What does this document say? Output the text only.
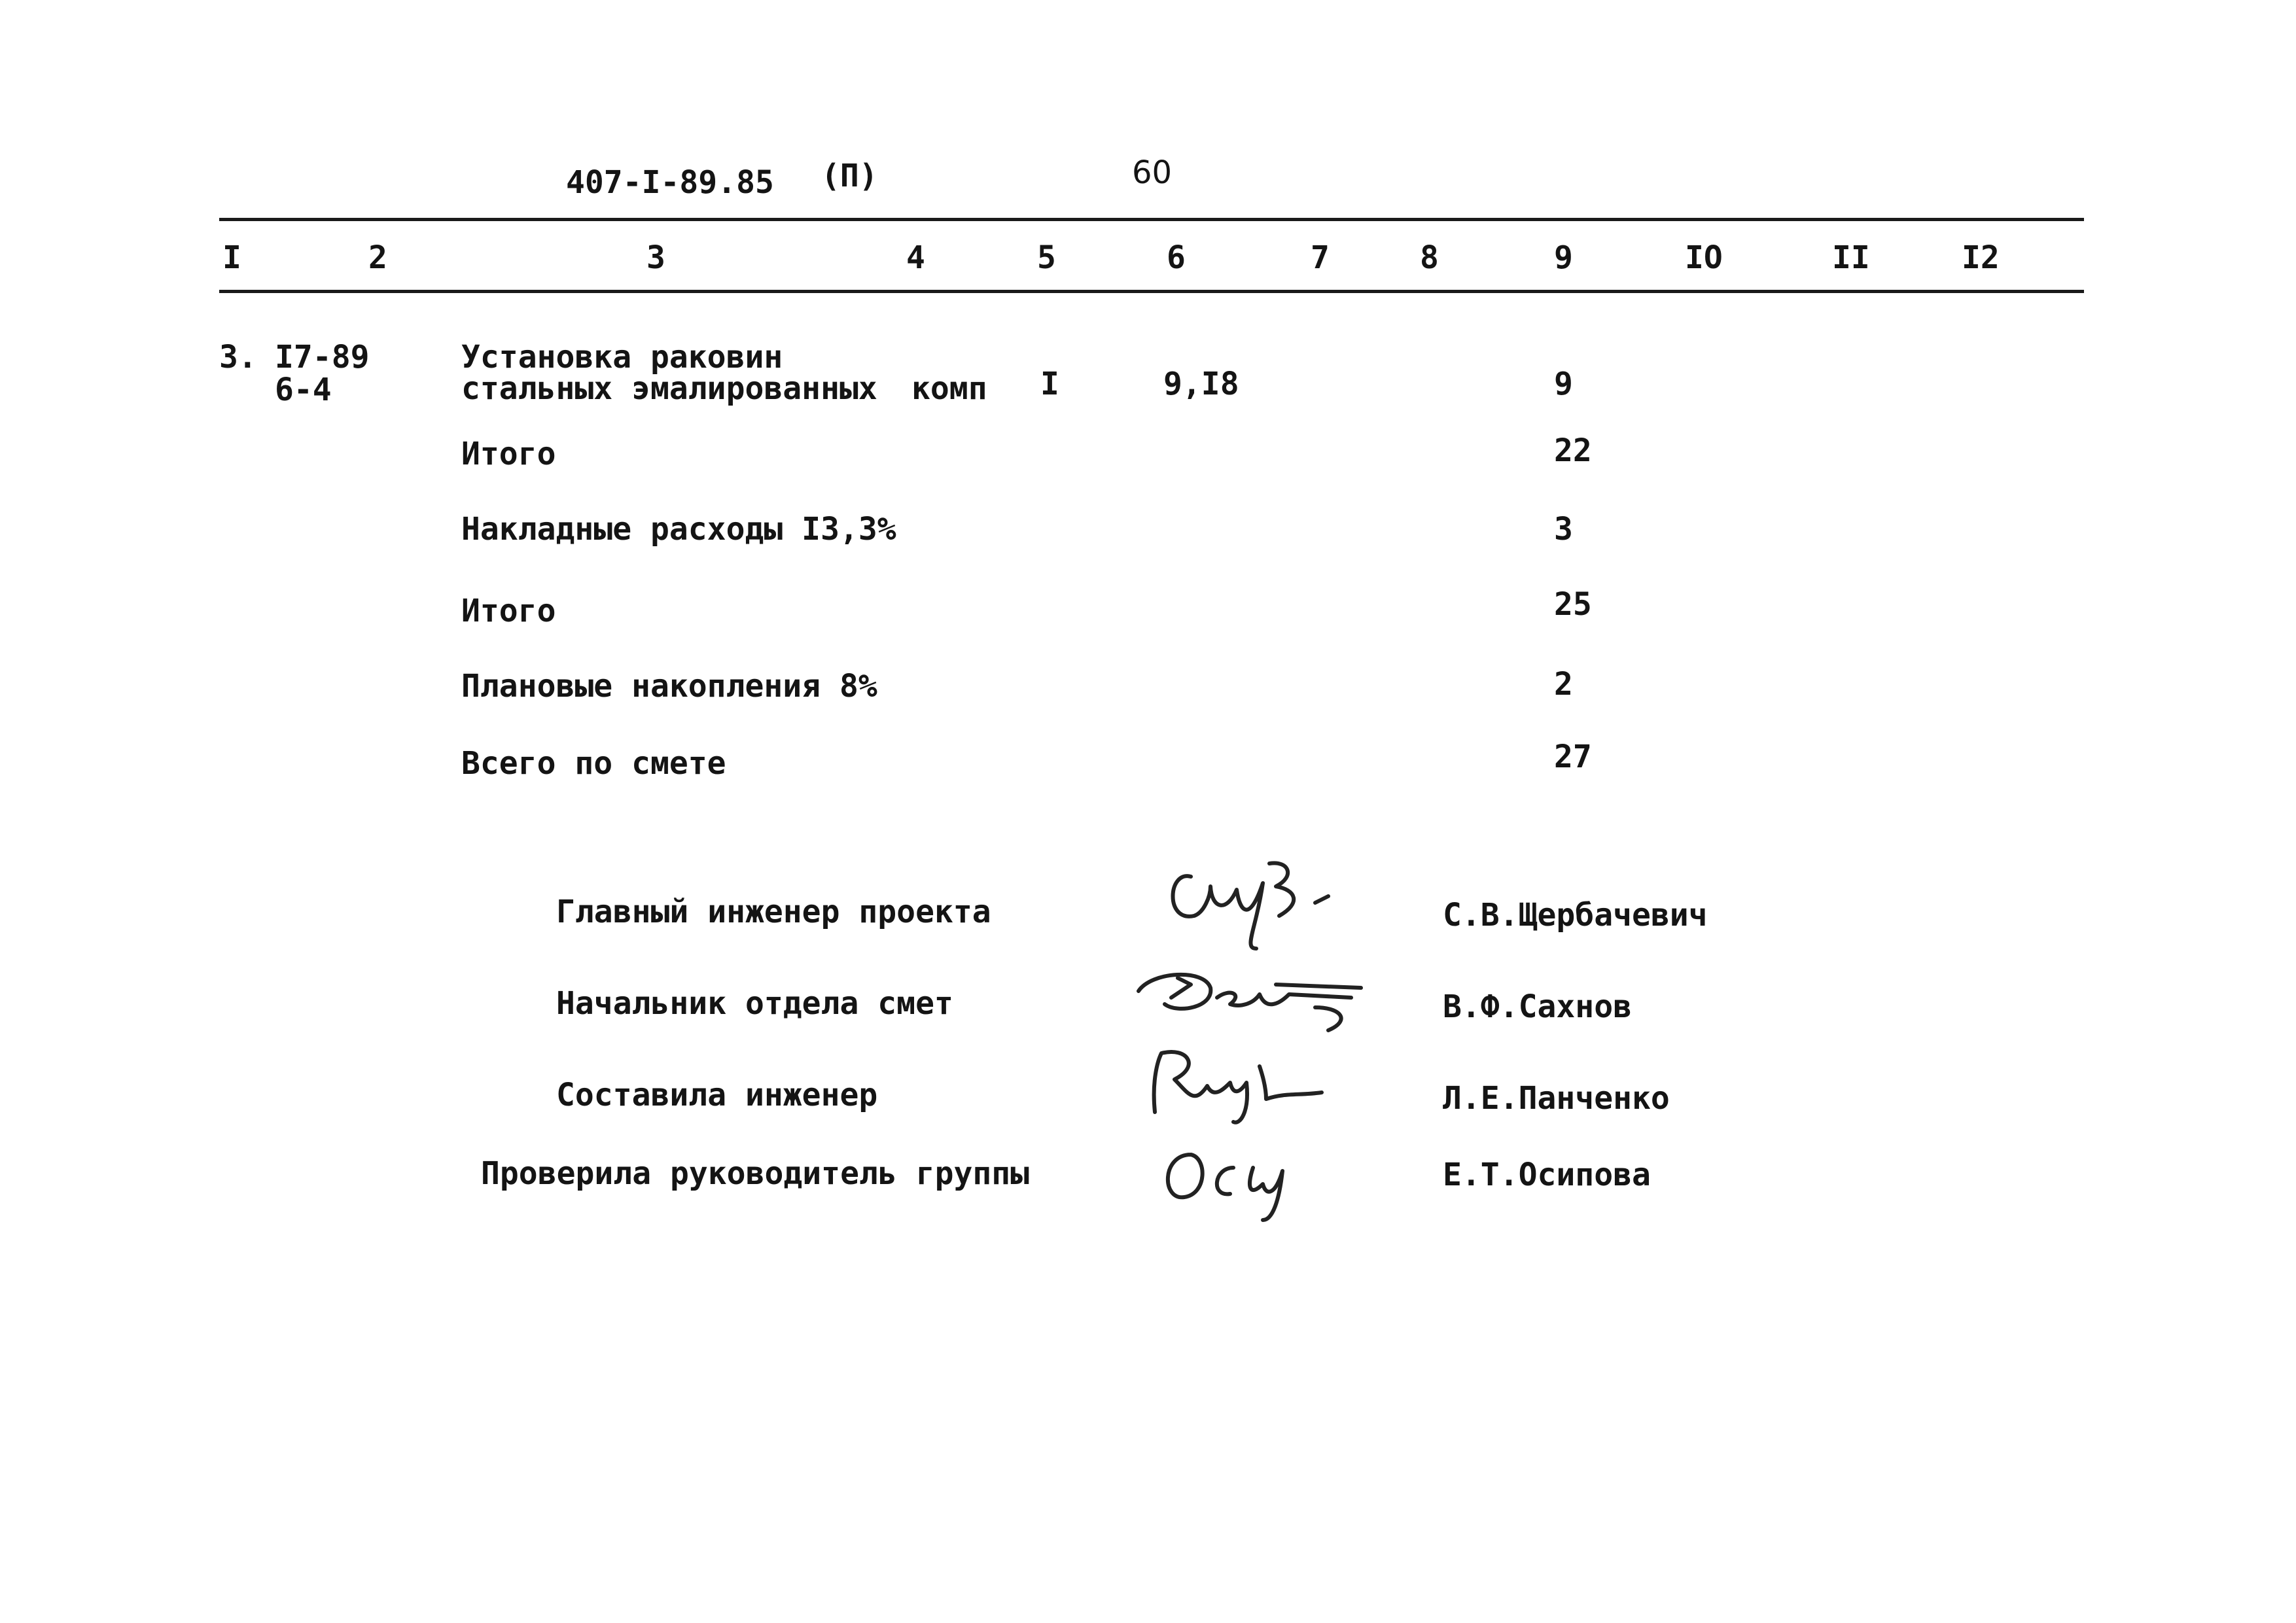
407-I-89.85 (П)	60
I	2	3	4	5	6	7	8	9	IO	II	I2
3. I7-89
6-4
Установка раковин
стальных эмалированных комп I	9,I8	9
Итого	22
Накладные расходы I3,3%	3
Итого	25
Плановые накопления 8%	2
Всего по смете	27
Главный инженер проекта	С.В.Щербачевич
Начальник отдела смет	В.Ф.Сахнов
Составила инженер	Л.Е.Панченко
Проверила руководитель группы	Е.Т.Осипова
